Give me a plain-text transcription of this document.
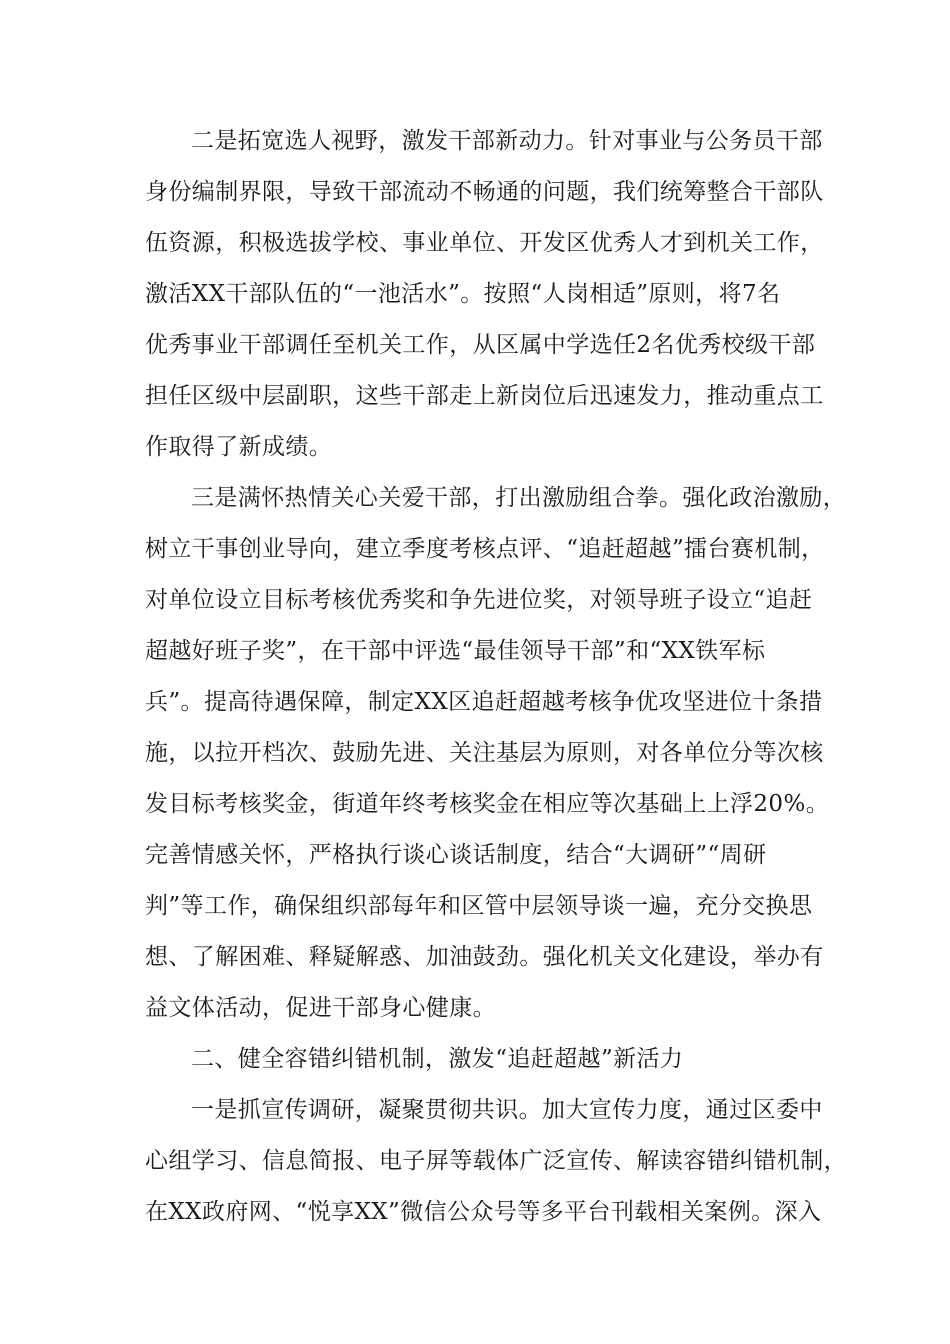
二是拓宽选人视野，激发干部新动力。针对事业与公务员干部
身份编制界限，导致干部流动不畅通的问题，我们统筹整合干部队
伍资源，积极选拔学校、事业单位、开发区优秀人才到机关工作，
激活XX干部队伍的“一池活水”。按照“人岗相适”原则，将7名
优秀事业干部调任至机关工作，从区属中学选任2名优秀校级干部
担任区级中层副职，这些干部走上新岗位后迅速发力，推动重点工
作取得了新成绩。
三是满怀热情关心关爱干部，打出激励组合拳。强化政治激励，
树立干事创业导向，建立季度考核点评、“追赶超越”擂台赛机制，
对单位设立目标考核优秀奖和争先进位奖，对领导班子设立“追赶
超越好班子奖”，在干部中评选“最佳领导干部”和“XX铁军标
兵”。提高待遇保障，制定XX区追赶超越考核争优攻坚进位十条措
施，以拉开档次、鼓励先进、关注基层为原则，对各单位分等次核
发目标考核奖金，街道年终考核奖金在相应等次基础上上浮20%。
完善情感关怀，严格执行谈心谈话制度，结合“大调研”“周研
判”等工作，确保组织部每年和区管中层领导谈一遍，充分交换思
想、了解困难、释疑解惑、加油鼓劲。强化机关文化建设，举办有
益文体活动，促进干部身心健康。
二、健全容错纠错机制，激发“追赶超越”新活力
一是抓宣传调研，凝聚贯彻共识。加大宣传力度，通过区委中
心组学习、信息简报、电子屏等载体广泛宣传、解读容错纠错机制，
在XX政府网、“悦享XX”微信公众号等多平台刊载相关案例。深入
